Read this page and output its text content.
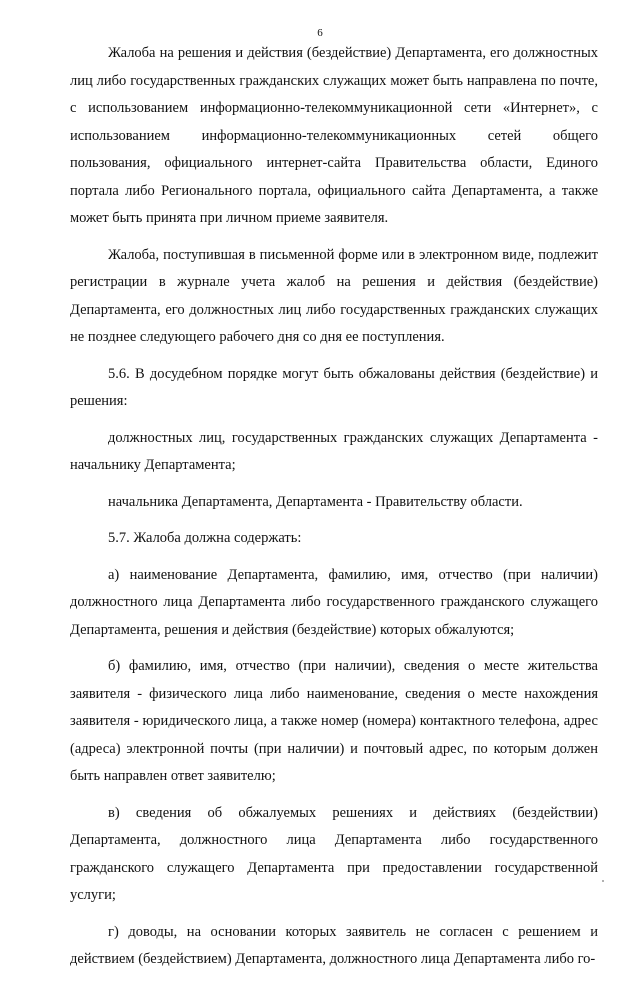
6

Жалоба на решения и действия (бездействие) Департамента, его должностных лиц либо государственных гражданских служащих может быть направлена по почте, с использованием информационно-телекоммуникационной сети «Интернет», с использованием информационно-телекоммуникационных сетей общего пользования, официального интернет-сайта Правительства области, Единого портала либо Регионального портала, официального сайта Департамента, а также может быть принята при личном приеме заявителя.

Жалоба, поступившая в письменной форме или в электронном виде, подлежит регистрации в журнале учета жалоб на решения и действия (бездействие) Департамента, его должностных лиц либо государственных гражданских служащих не позднее следующего рабочего дня со дня ее поступления.

5.6. В досудебном порядке могут быть обжалованы действия (бездействие) и решения:

должностных лиц, государственных гражданских служащих Департамента - начальнику Департамента;

начальника Департамента, Департамента - Правительству области.

5.7. Жалоба должна содержать:

а) наименование Департамента, фамилию, имя, отчество (при наличии) должностного лица Департамента либо государственного гражданского служащего Департамента, решения и действия (бездействие) которых обжалуются;

б) фамилию, имя, отчество (при наличии), сведения о месте жительства заявителя - физического лица либо наименование, сведения о месте нахождения заявителя - юридического лица, а также номер (номера) контактного телефона, адрес (адреса) электронной почты (при наличии) и почтовый адрес, по которым должен быть направлен ответ заявителю;

в) сведения об обжалуемых решениях и действиях (бездействии) Департамента, должностного лица Департамента либо государственного гражданского служащего Департамента при предоставлении государственной услуги;

г) доводы, на основании которых заявитель не согласен с решением и действием (бездействием) Департамента, должностного лица Департамента либо го-
